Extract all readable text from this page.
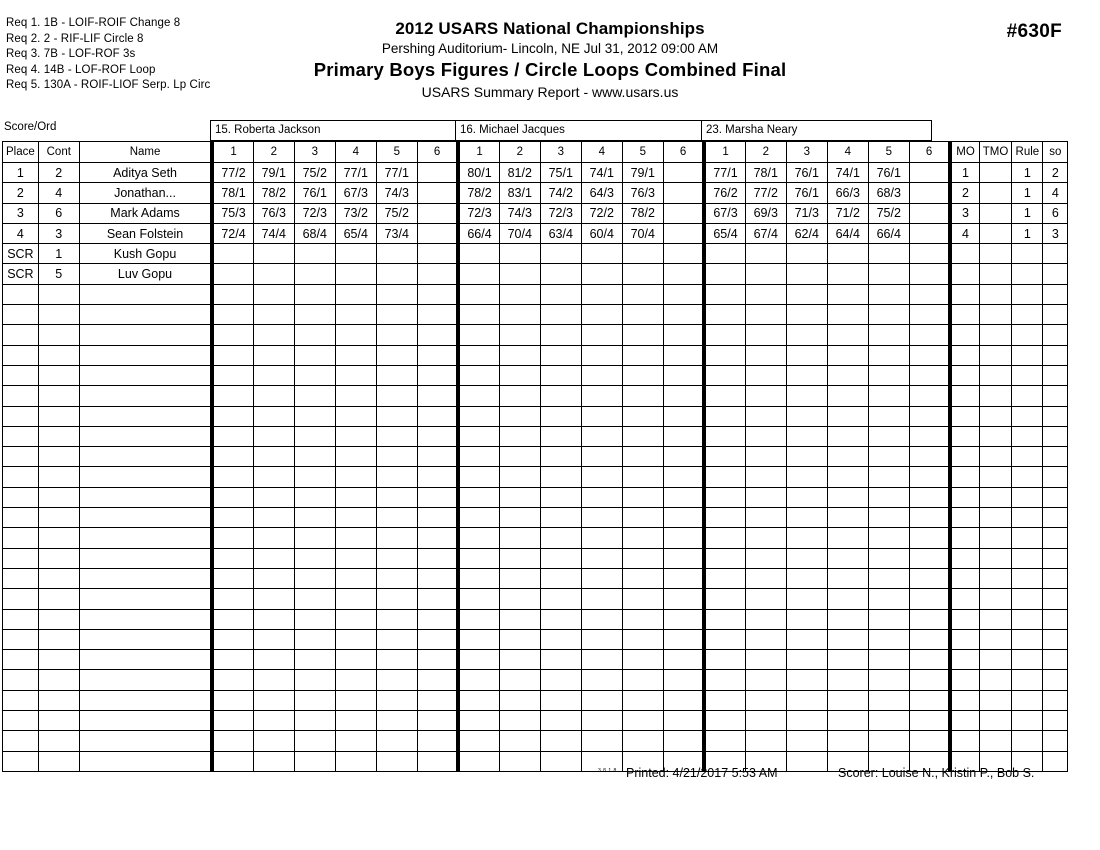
Req 1. 1B - LOIF-ROIF Change 8
Req 2. 2 - RIF-LIF Circle 8
Req 3. 7B - LOF-ROF 3s
Req 4. 14B - LOF-ROF Loop
Req 5. 130A - ROIF-LIOF Serp. Lp Circ
2012 USARS National Championships
Pershing Auditorium- Lincoln, NE Jul 31, 2012 09:00 AM
Primary Boys Figures / Circle Loops Combined Final
USARS Summary Report - www.usars.us
#630F
Score/Ord	15. Roberta Jackson	16. Michael Jacques	23. Marsha Neary
Place	Cont	Name	1	2	3	4	5	6	1	2	3	4	5	6	1	2	3	4	5	6	MO	TMO	Rule	so
1	2	Aditya Seth	77/2	79/1	75/2	77/1	77/1		80/1	81/2	75/1	74/1	79/1		77/1	78/1	76/1	74/1	76/1		1		1	2
2	4	Jonathan...	78/1	78/2	76/1	67/3	74/3		78/2	83/1	74/2	64/3	76/3		76/2	77/2	76/1	66/3	68/3		2		1	4
3	6	Mark Adams	75/3	76/3	72/3	73/2	75/2		72/3	74/3	72/3	72/2	78/2		67/3	69/3	71/3	71/2	75/2		3		1	6
4	3	Sean Folstein	72/4	74/4	68/4	65/4	73/4		66/4	70/4	63/4	60/4	70/4		65/4	67/4	62/4	64/4	66/4		4		1	3
SCR	1	Kush Gopu																						
SCR	5	Luv Gopu																						

3.8.1.8 Printed: 4/21/2017 5:53 AM	Scorer: Louise N., Kristin P., Bob S.
